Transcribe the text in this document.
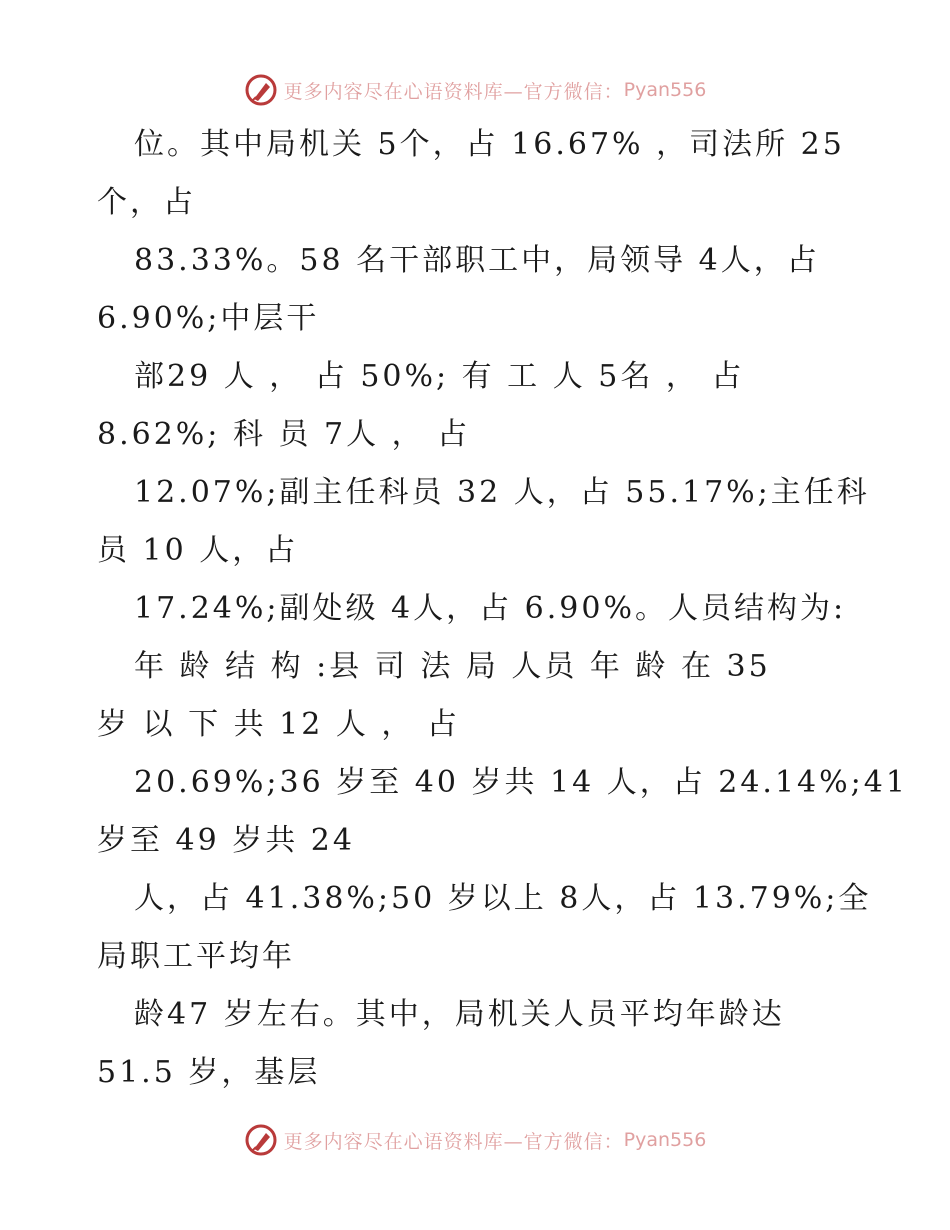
更多内容尽在心语资料库—官方微信： Pyan556
位。其中局机关 5个，占 16.67% ，司法所 25
个，占
83.33%。58 名干部职工中，局领导 4人，占
6.90%;中层干
部29 人 ， 占 50%; 有 工 人 5名 ， 占
8.62%; 科 员 7人 ， 占
12.07%;副主任科员 32 人，占 55.17%;主任科
员 10 人，占
17.24%;副处级 4人，占 6.90%。人员结构为:
年 龄 结 构 :县 司 法 局 人员 年 龄 在 35
岁 以 下 共 12 人 ， 占
20.69%;36 岁至 40 岁共 14 人，占 24.14%;41
岁至 49 岁共 24
人，占 41.38%;50 岁以上 8人，占 13.79%;全
局职工平均年
龄47 岁左右。其中，局机关人员平均年龄达
51.5 岁，基层
更多内容尽在心语资料库—官方微信： Pyan556
